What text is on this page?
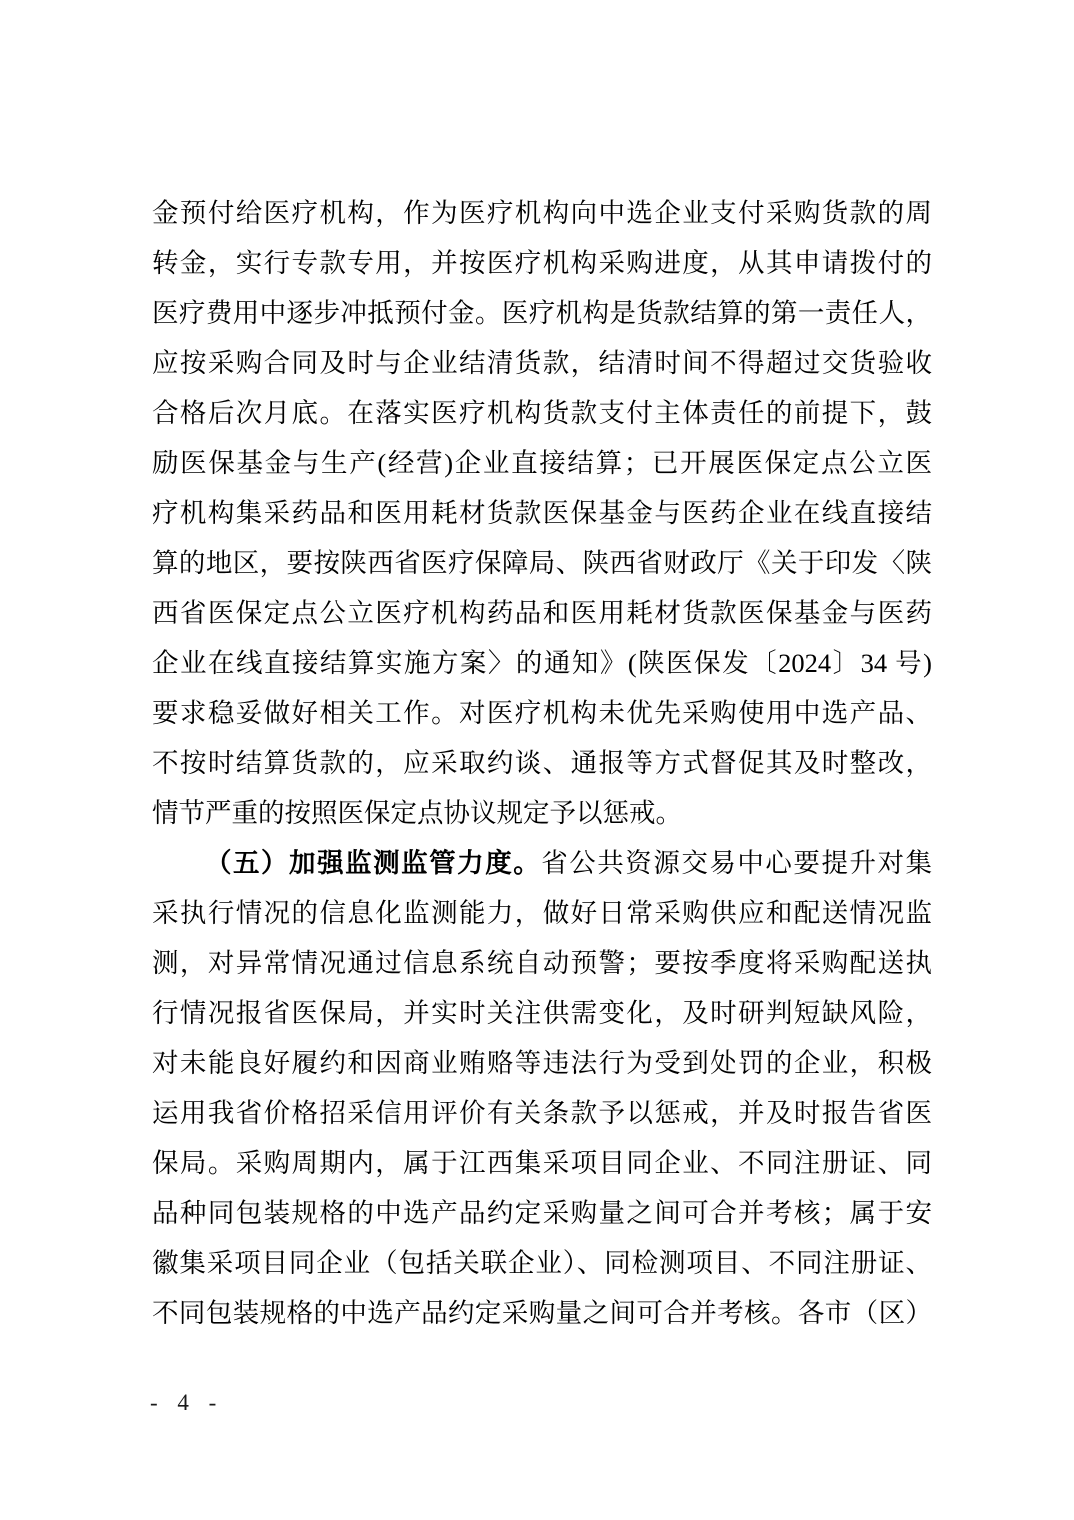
金预付给医疗机构，作为医疗机构向中选企业支付采购货款的周
转金，实行专款专用，并按医疗机构采购进度，从其申请拨付的
医疗费用中逐步冲抵预付金。医疗机构是货款结算的第一责任人，
应按采购合同及时与企业结清货款，结清时间不得超过交货验收
合格后次月底。在落实医疗机构货款支付主体责任的前提下，鼓
励医保基金与生产(经营)企业直接结算；已开展医保定点公立医
疗机构集采药品和医用耗材货款医保基金与医药企业在线直接结
算的地区，要按陕西省医疗保障局、陕西省财政厅《关于印发〈陕
西省医保定点公立医疗机构药品和医用耗材货款医保基金与医药
企业在线直接结算实施方案〉的通知》(陕医保发〔2024〕34 号)
要求稳妥做好相关工作。对医疗机构未优先采购使用中选产品、
不按时结算货款的，应采取约谈、通报等方式督促其及时整改，
情节严重的按照医保定点协议规定予以惩戒。
（五）加强监测监管力度。省公共资源交易中心要提升对集
采执行情况的信息化监测能力，做好日常采购供应和配送情况监
测，对异常情况通过信息系统自动预警；要按季度将采购配送执
行情况报省医保局，并实时关注供需变化，及时研判短缺风险，
对未能良好履约和因商业贿赂等违法行为受到处罚的企业，积极
运用我省价格招采信用评价有关条款予以惩戒，并及时报告省医
保局。采购周期内，属于江西集采项目同企业、不同注册证、同
品种同包装规格的中选产品约定采购量之间可合并考核；属于安
徽集采项目同企业（包括关联企业）、同检测项目、不同注册证、
不同包装规格的中选产品约定采购量之间可合并考核。各市（区）
- 4 -
